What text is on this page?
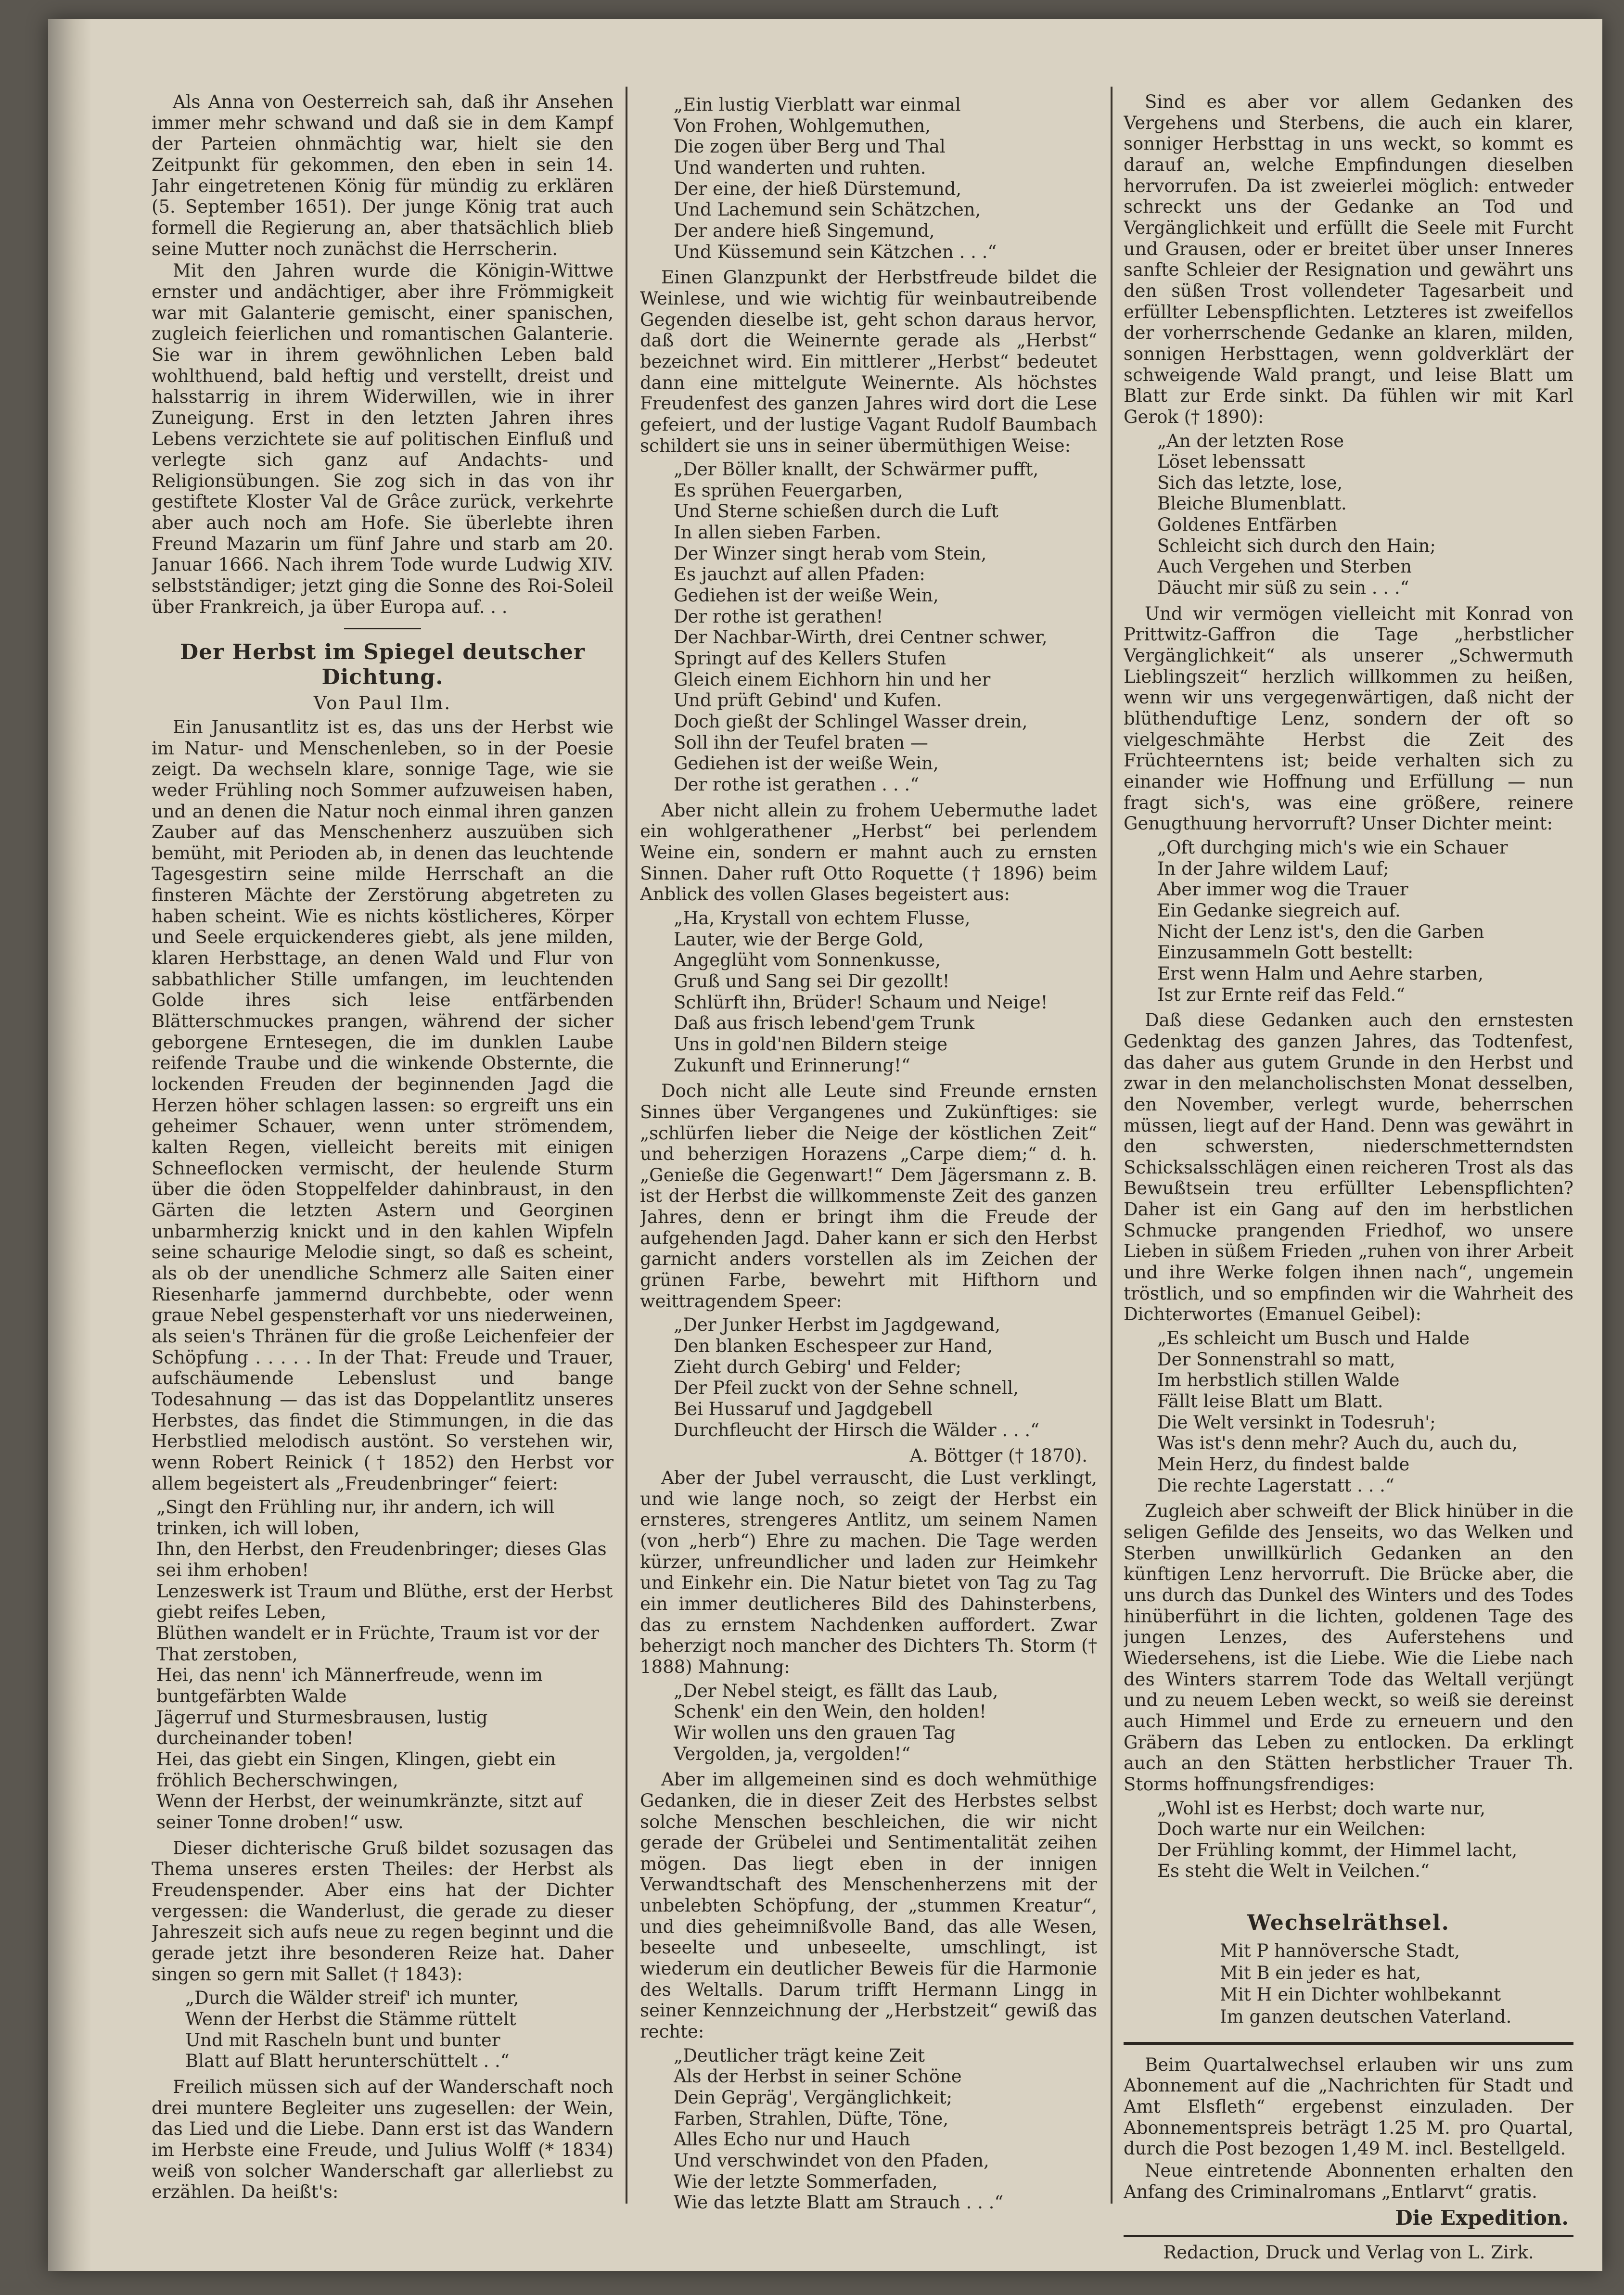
Als Anna von Oesterreich sah, daß ihr Ansehen immer mehr schwand und daß sie in dem Kampf der Parteien ohnmächtig war, hielt sie den Zeitpunkt für gekommen, den eben in sein 14. Jahr eingetretenen König für mündig zu erklären (5. September 1651). Der junge König trat auch formell die Regierung an, aber thatsächlich blieb seine Mutter noch zunächst die Herrscherin.

Mit den Jahren wurde die Königin-Wittwe ernster und andächtiger, aber ihre Frömmigkeit war mit Galanterie gemischt, einer spanischen, zugleich feierlichen und romantischen Galanterie. Sie war in ihrem gewöhnlichen Leben bald wohlthuend, bald heftig und verstellt, dreist und halsstarrig in ihrem Widerwillen, wie in ihrer Zuneigung. Erst in den letzten Jahren ihres Lebens verzichtete sie auf politischen Einfluß und verlegte sich ganz auf Andachts- und Religionsübungen. Sie zog sich in das von ihr gestiftete Kloster Val de Grâce zurück, verkehrte aber auch noch am Hofe. Sie überlebte ihren Freund Mazarin um fünf Jahre und starb am 20. Januar 1666. Nach ihrem Tode wurde Ludwig XIV. selbstständiger; jetzt ging die Sonne des Roi-Soleil über Frankreich, ja über Europa auf. . .

Der Herbst im Spiegel deutscher Dichtung.

Von Paul Ilm.

Ein Janusantlitz ist es, das uns der Herbst wie im Natur- und Menschenleben, so in der Poesie zeigt. Da wechseln klare, sonnige Tage, wie sie weder Frühling noch Sommer aufzuweisen haben, und an denen die Natur noch einmal ihren ganzen Zauber auf das Menschenherz auszuüben sich bemüht, mit Perioden ab, in denen das leuchtende Tagesgestirn seine milde Herrschaft an die finsteren Mächte der Zerstörung abgetreten zu haben scheint. Wie es nichts köstlicheres, Körper und Seele erquickenderes giebt, als jene milden, klaren Herbsttage, an denen Wald und Flur von sabbathlicher Stille umfangen, im leuchtenden Golde ihres sich leise entfärbenden Blätterschmuckes prangen, während der sicher geborgene Erntesegen, die im dunklen Laube reifende Traube und die winkende Obsternte, die lockenden Freuden der beginnenden Jagd die Herzen höher schlagen lassen: so ergreift uns ein geheimer Schauer, wenn unter strömendem, kalten Regen, vielleicht bereits mit einigen Schneeflocken vermischt, der heulende Sturm über die öden Stoppelfelder dahinbraust, in den Gärten die letzten Astern und Georginen unbarmherzig knickt und in den kahlen Wipfeln seine schaurige Melodie singt, so daß es scheint, als ob der unendliche Schmerz alle Saiten einer Riesenharfe jammernd durchbebte, oder wenn graue Nebel gespensterhaft vor uns niederweinen, als seien's Thränen für die große Leichenfeier der Schöpfung . . . . . In der That: Freude und Trauer, aufschäumende Lebenslust und bange Todesahnung — das ist das Doppelantlitz unseres Herbstes, das findet die Stimmungen, in die das Herbstlied melodisch austönt. So verstehen wir, wenn Robert Reinick († 1852) den Herbst vor allem begeistert als „Freudenbringer“ feiert:

„Singt den Frühling nur, ihr andern, ich will trinken, ich will loben,
Ihn, den Herbst, den Freudenbringer; dieses Glas sei ihm erhoben!
Lenzeswerk ist Traum und Blüthe, erst der Herbst giebt reifes Leben,
Blüthen wandelt er in Früchte, Traum ist vor der That zerstoben,
Hei, das nenn' ich Männerfreude, wenn im buntgefärbten Walde
Jägerruf und Sturmesbrausen, lustig durcheinander toben!
Hei, das giebt ein Singen, Klingen, giebt ein fröhlich Becherschwingen,
Wenn der Herbst, der weinumkränzte, sitzt auf seiner Tonne droben!“ usw.

Dieser dichterische Gruß bildet sozusagen das Thema unseres ersten Theiles: der Herbst als Freudenspender. Aber eins hat der Dichter vergessen: die Wanderlust, die gerade zu dieser Jahreszeit sich aufs neue zu regen beginnt und die gerade jetzt ihre besonderen Reize hat. Daher singen so gern mit Sallet († 1843):

„Durch die Wälder streif' ich munter,
Wenn der Herbst die Stämme rüttelt
Und mit Rascheln bunt und bunter
Blatt auf Blatt herunterschüttelt . .“

Freilich müssen sich auf der Wanderschaft noch drei muntere Begleiter uns zugesellen: der Wein, das Lied und die Liebe. Dann erst ist das Wandern im Herbste eine Freude, und Julius Wolff (* 1834) weiß von solcher Wanderschaft gar allerliebst zu erzählen. Da heißt's:

„Ein lustig Vierblatt war einmal
Von Frohen, Wohlgemuthen,
Die zogen über Berg und Thal
Und wanderten und ruhten.
Der eine, der hieß Dürstemund,
Und Lachemund sein Schätzchen,
Der andere hieß Singemund,
Und Küssemund sein Kätzchen . . .“

Einen Glanzpunkt der Herbstfreude bildet die Weinlese, und wie wichtig für weinbautreibende Gegenden dieselbe ist, geht schon daraus hervor, daß dort die Weinernte gerade als „Herbst“ bezeichnet wird. Ein mittlerer „Herbst“ bedeutet dann eine mittelgute Weinernte. Als höchstes Freudenfest des ganzen Jahres wird dort die Lese gefeiert, und der lustige Vagant Rudolf Baumbach schildert sie uns in seiner übermüthigen Weise:

„Der Böller knallt, der Schwärmer pufft,
Es sprühen Feuergarben,
Und Sterne schießen durch die Luft
In allen sieben Farben.
Der Winzer singt herab vom Stein,
Es jauchzt auf allen Pfaden:
Gediehen ist der weiße Wein,
Der rothe ist gerathen!
Der Nachbar-Wirth, drei Centner schwer,
Springt auf des Kellers Stufen
Gleich einem Eichhorn hin und her
Und prüft Gebind' und Kufen.
Doch gießt der Schlingel Wasser drein,
Soll ihn der Teufel braten —
Gediehen ist der weiße Wein,
Der rothe ist gerathen . . .“

Aber nicht allein zu frohem Uebermuthe ladet ein wohlgerathener „Herbst“ bei perlendem Weine ein, sondern er mahnt auch zu ernsten Sinnen. Daher ruft Otto Roquette († 1896) beim Anblick des vollen Glases begeistert aus:

„Ha, Krystall von echtem Flusse,
Lauter, wie der Berge Gold,
Angeglüht vom Sonnenkusse,
Gruß und Sang sei Dir gezollt!
Schlürft ihn, Brüder! Schaum und Neige!
Daß aus frisch lebend'gem Trunk
Uns in gold'nen Bildern steige
Zukunft und Erinnerung!“

Doch nicht alle Leute sind Freunde ernsten Sinnes über Vergangenes und Zukünftiges: sie „schlürfen lieber die Neige der köstlichen Zeit“ und beherzigen Horazens „Carpe diem;“ d. h. „Genieße die Gegenwart!“ Dem Jägersmann z. B. ist der Herbst die willkommenste Zeit des ganzen Jahres, denn er bringt ihm die Freude der aufgehenden Jagd. Daher kann er sich den Herbst garnicht anders vorstellen als im Zeichen der grünen Farbe, bewehrt mit Hifthorn und weittragendem Speer:

„Der Junker Herbst im Jagdgewand,
Den blanken Eschespeer zur Hand,
Zieht durch Gebirg' und Felder;
Der Pfeil zuckt von der Sehne schnell,
Bei Hussaruf und Jagdgebell
Durchfleucht der Hirsch die Wälder . . .“

A. Böttger († 1870).

Aber der Jubel verrauscht, die Lust verklingt, und wie lange noch, so zeigt der Herbst ein ernsteres, strengeres Antlitz, um seinem Namen (von „herb“) Ehre zu machen. Die Tage werden kürzer, unfreundlicher und laden zur Heimkehr und Einkehr ein. Die Natur bietet von Tag zu Tag ein immer deutlicheres Bild des Dahinsterbens, das zu ernstem Nachdenken auffordert. Zwar beherzigt noch mancher des Dichters Th. Storm († 1888) Mahnung:

„Der Nebel steigt, es fällt das Laub,
Schenk' ein den Wein, den holden!
Wir wollen uns den grauen Tag
Vergolden, ja, vergolden!“

Aber im allgemeinen sind es doch wehmüthige Gedanken, die in dieser Zeit des Herbstes selbst solche Menschen beschleichen, die wir nicht gerade der Grübelei und Sentimentalität zeihen mögen. Das liegt eben in der innigen Verwandtschaft des Menschenherzens mit der unbelebten Schöpfung, der „stummen Kreatur“, und dies geheimnißvolle Band, das alle Wesen, beseelte und unbeseelte, umschlingt, ist wiederum ein deutlicher Beweis für die Harmonie des Weltalls. Darum trifft Hermann Lingg in seiner Kennzeichnung der „Herbstzeit“ gewiß das rechte:

„Deutlicher trägt keine Zeit
Als der Herbst in seiner Schöne
Dein Gepräg', Vergänglichkeit;
Farben, Strahlen, Düfte, Töne,
Alles Echo nur und Hauch
Und verschwindet von den Pfaden,
Wie der letzte Sommerfaden,
Wie das letzte Blatt am Strauch . . .“

Sind es aber vor allem Gedanken des Vergehens und Sterbens, die auch ein klarer, sonniger Herbsttag in uns weckt, so kommt es darauf an, welche Empfindungen dieselben hervorrufen. Da ist zweierlei möglich: entweder schreckt uns der Gedanke an Tod und Vergänglichkeit und erfüllt die Seele mit Furcht und Grausen, oder er breitet über unser Inneres sanfte Schleier der Resignation und gewährt uns den süßen Trost vollendeter Tagesarbeit und erfüllter Lebenspflichten. Letzteres ist zweifellos der vorherrschende Gedanke an klaren, milden, sonnigen Herbsttagen, wenn goldverklärt der schweigende Wald prangt, und leise Blatt um Blatt zur Erde sinkt. Da fühlen wir mit Karl Gerok († 1890):

„An der letzten Rose
Löset lebenssatt
Sich das letzte, lose,
Bleiche Blumenblatt.
Goldenes Entfärben
Schleicht sich durch den Hain;
Auch Vergehen und Sterben
Däucht mir süß zu sein . . .“

Und wir vermögen vielleicht mit Konrad von Prittwitz-Gaffron die Tage „herbstlicher Vergänglichkeit“ als unserer „Schwermuth Lieblingszeit“ herzlich willkommen zu heißen, wenn wir uns vergegenwärtigen, daß nicht der blüthenduftige Lenz, sondern der oft so vielgeschmähte Herbst die Zeit des Früchteerntens ist; beide verhalten sich zu einander wie Hoffnung und Erfüllung — nun fragt sich's, was eine größere, reinere Genugthuung hervorruft? Unser Dichter meint:

„Oft durchging mich's wie ein Schauer
In der Jahre wildem Lauf;
Aber immer wog die Trauer
Ein Gedanke siegreich auf.
Nicht der Lenz ist's, den die Garben
Einzusammeln Gott bestellt:
Erst wenn Halm und Aehre starben,
Ist zur Ernte reif das Feld.“

Daß diese Gedanken auch den ernstesten Gedenktag des ganzen Jahres, das Todtenfest, das daher aus gutem Grunde in den Herbst und zwar in den melancholischsten Monat desselben, den November, verlegt wurde, beherrschen müssen, liegt auf der Hand. Denn was gewährt in den schwersten, niederschmetterndsten Schicksalsschlägen einen reicheren Trost als das Bewußtsein treu erfüllter Lebenspflichten? Daher ist ein Gang auf den im herbstlichen Schmucke prangenden Friedhof, wo unsere Lieben in süßem Frieden „ruhen von ihrer Arbeit und ihre Werke folgen ihnen nach“, ungemein tröstlich, und so empfinden wir die Wahrheit des Dichterwortes (Emanuel Geibel):

„Es schleicht um Busch und Halde
Der Sonnenstrahl so matt,
Im herbstlich stillen Walde
Fällt leise Blatt um Blatt.
Die Welt versinkt in Todesruh';
Was ist's denn mehr? Auch du, auch du,
Mein Herz, du findest balde
Die rechte Lagerstatt . . .“

Zugleich aber schweift der Blick hinüber in die seligen Gefilde des Jenseits, wo das Welken und Sterben unwillkürlich Gedanken an den künftigen Lenz hervorruft. Die Brücke aber, die uns durch das Dunkel des Winters und des Todes hinüberführt in die lichten, goldenen Tage des jungen Lenzes, des Auferstehens und Wiedersehens, ist die Liebe. Wie die Liebe nach des Winters starrem Tode das Weltall verjüngt und zu neuem Leben weckt, so weiß sie dereinst auch Himmel und Erde zu erneuern und den Gräbern das Leben zu entlocken. Da erklingt auch an den Stätten herbstlicher Trauer Th. Storms hoffnungsfrendiges:

„Wohl ist es Herbst; doch warte nur,
Doch warte nur ein Weilchen:
Der Frühling kommt, der Himmel lacht,
Es steht die Welt in Veilchen.“

Wechselräthsel.

Mit P hannöversche Stadt,

Mit B ein jeder es hat,

Mit H ein Dichter wohlbekannt

Im ganzen deutschen Vaterland.

Beim Quartalwechsel erlauben wir uns zum Abonnement auf die „Nachrichten für Stadt und Amt Elsfleth“ ergebenst einzuladen. Der Abonnementspreis beträgt 1.25 M. pro Quartal, durch die Post bezogen 1,49 M. incl. Bestellgeld.

Neue eintretende Abonnenten erhalten den Anfang des Criminalromans „Entlarvt“ gratis.

Die Expedition.

Redaction, Druck und Verlag von L. Zirk.
